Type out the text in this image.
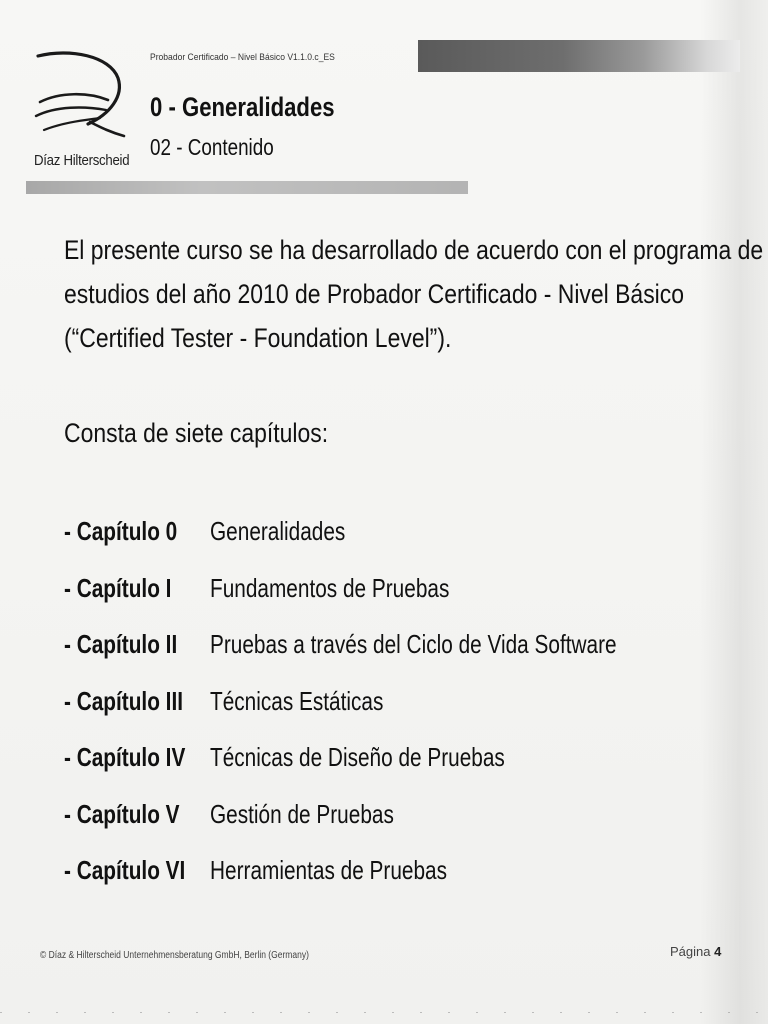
Díaz Hilterscheid
Probador Certificado – Nivel Básico V1.1.0.c_ES
0 - Generalidades
02 - Contenido
El presente curso se ha desarrollado de acuerdo con el programa de
estudios del año 2010 de Probador Certificado - Nivel Básico
(“Certified Tester - Foundation Level”).
Consta de siete capítulos:
- Capítulo 0 Generalidades
- Capítulo I Fundamentos de Pruebas
- Capítulo II Pruebas a través del Ciclo de Vida Software
- Capítulo III Técnicas Estáticas
- Capítulo IV Técnicas de Diseño de Pruebas
- Capítulo V Gestión de Pruebas
- Capítulo VI Herramientas de Pruebas
© Díaz & Hilterscheid Unternehmensberatung GmbH, Berlin (Germany)	Página 4
